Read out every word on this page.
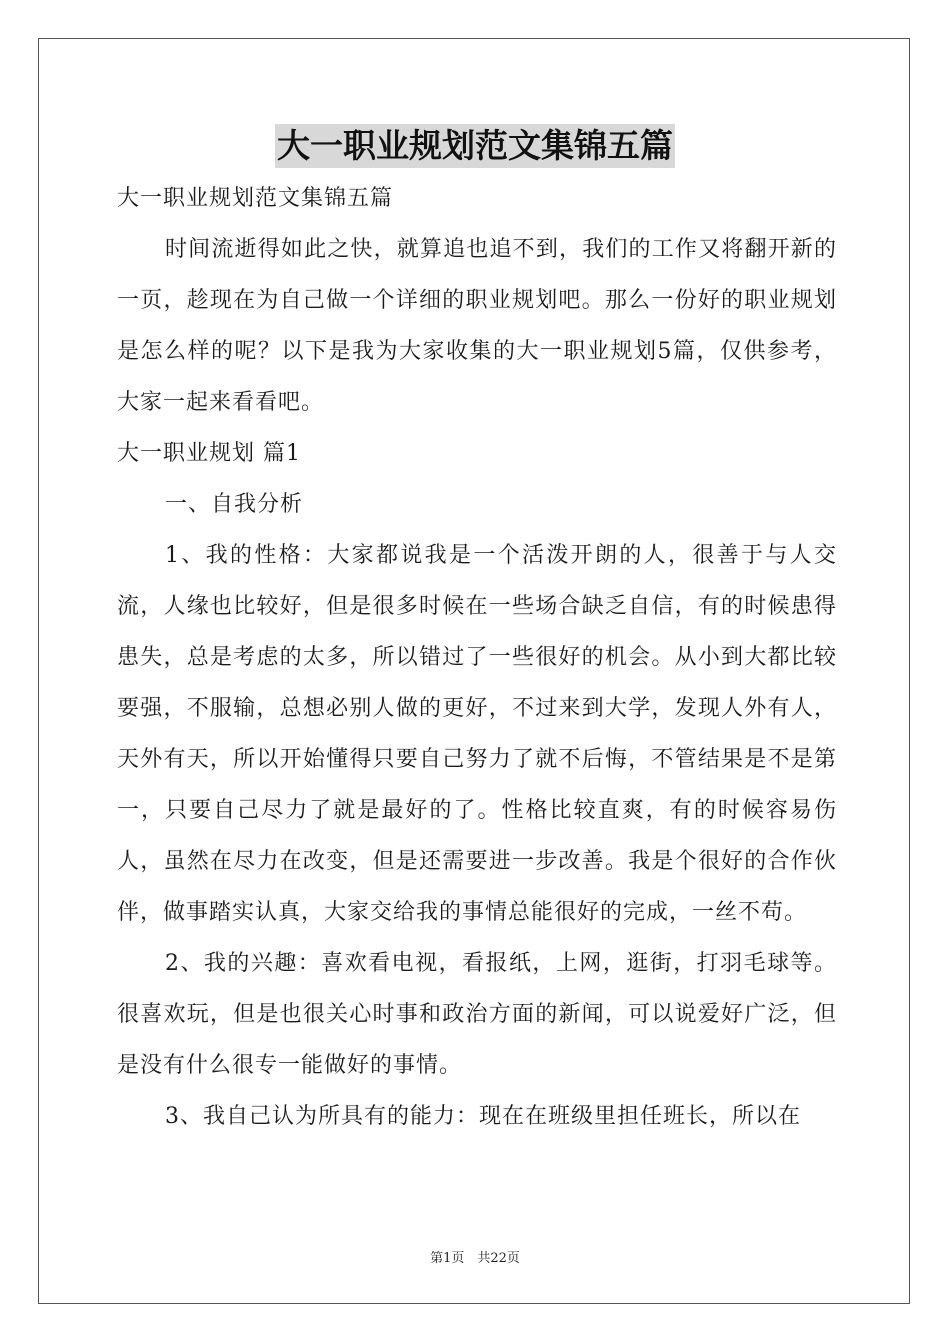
大一职业规划范文集锦五篇

大一职业规划范文集锦五篇

时间流逝得如此之快，就算追也追不到，我们的工作又将翻开新的一页，趁现在为自己做一个详细的职业规划吧。那么一份好的职业规划是怎么样的呢？以下是我为大家收集的大一职业规划5篇，仅供参考，大家一起来看看吧。

大一职业规划 篇1

一、自我分析

1、我的性格：大家都说我是一个活泼开朗的人，很善于与人交流，人缘也比较好，但是很多时候在一些场合缺乏自信，有的时候患得患失，总是考虑的太多，所以错过了一些很好的机会。从小到大都比较要强，不服输，总想必别人做的更好，不过来到大学，发现人外有人，天外有天，所以开始懂得只要自己努力了就不后悔，不管结果是不是第一，只要自己尽力了就是最好的了。性格比较直爽，有的时候容易伤人，虽然在尽力在改变，但是还需要进一步改善。我是个很好的合作伙伴，做事踏实认真，大家交给我的事情总能很好的完成，一丝不苟。

2、我的兴趣：喜欢看电视，看报纸，上网，逛街，打羽毛球等。很喜欢玩，但是也很关心时事和政治方面的新闻，可以说爱好广泛，但是没有什么很专一能做好的事情。

3、我自己认为所具有的能力：现在在班级里担任班长，所以在

第1页　共22页
